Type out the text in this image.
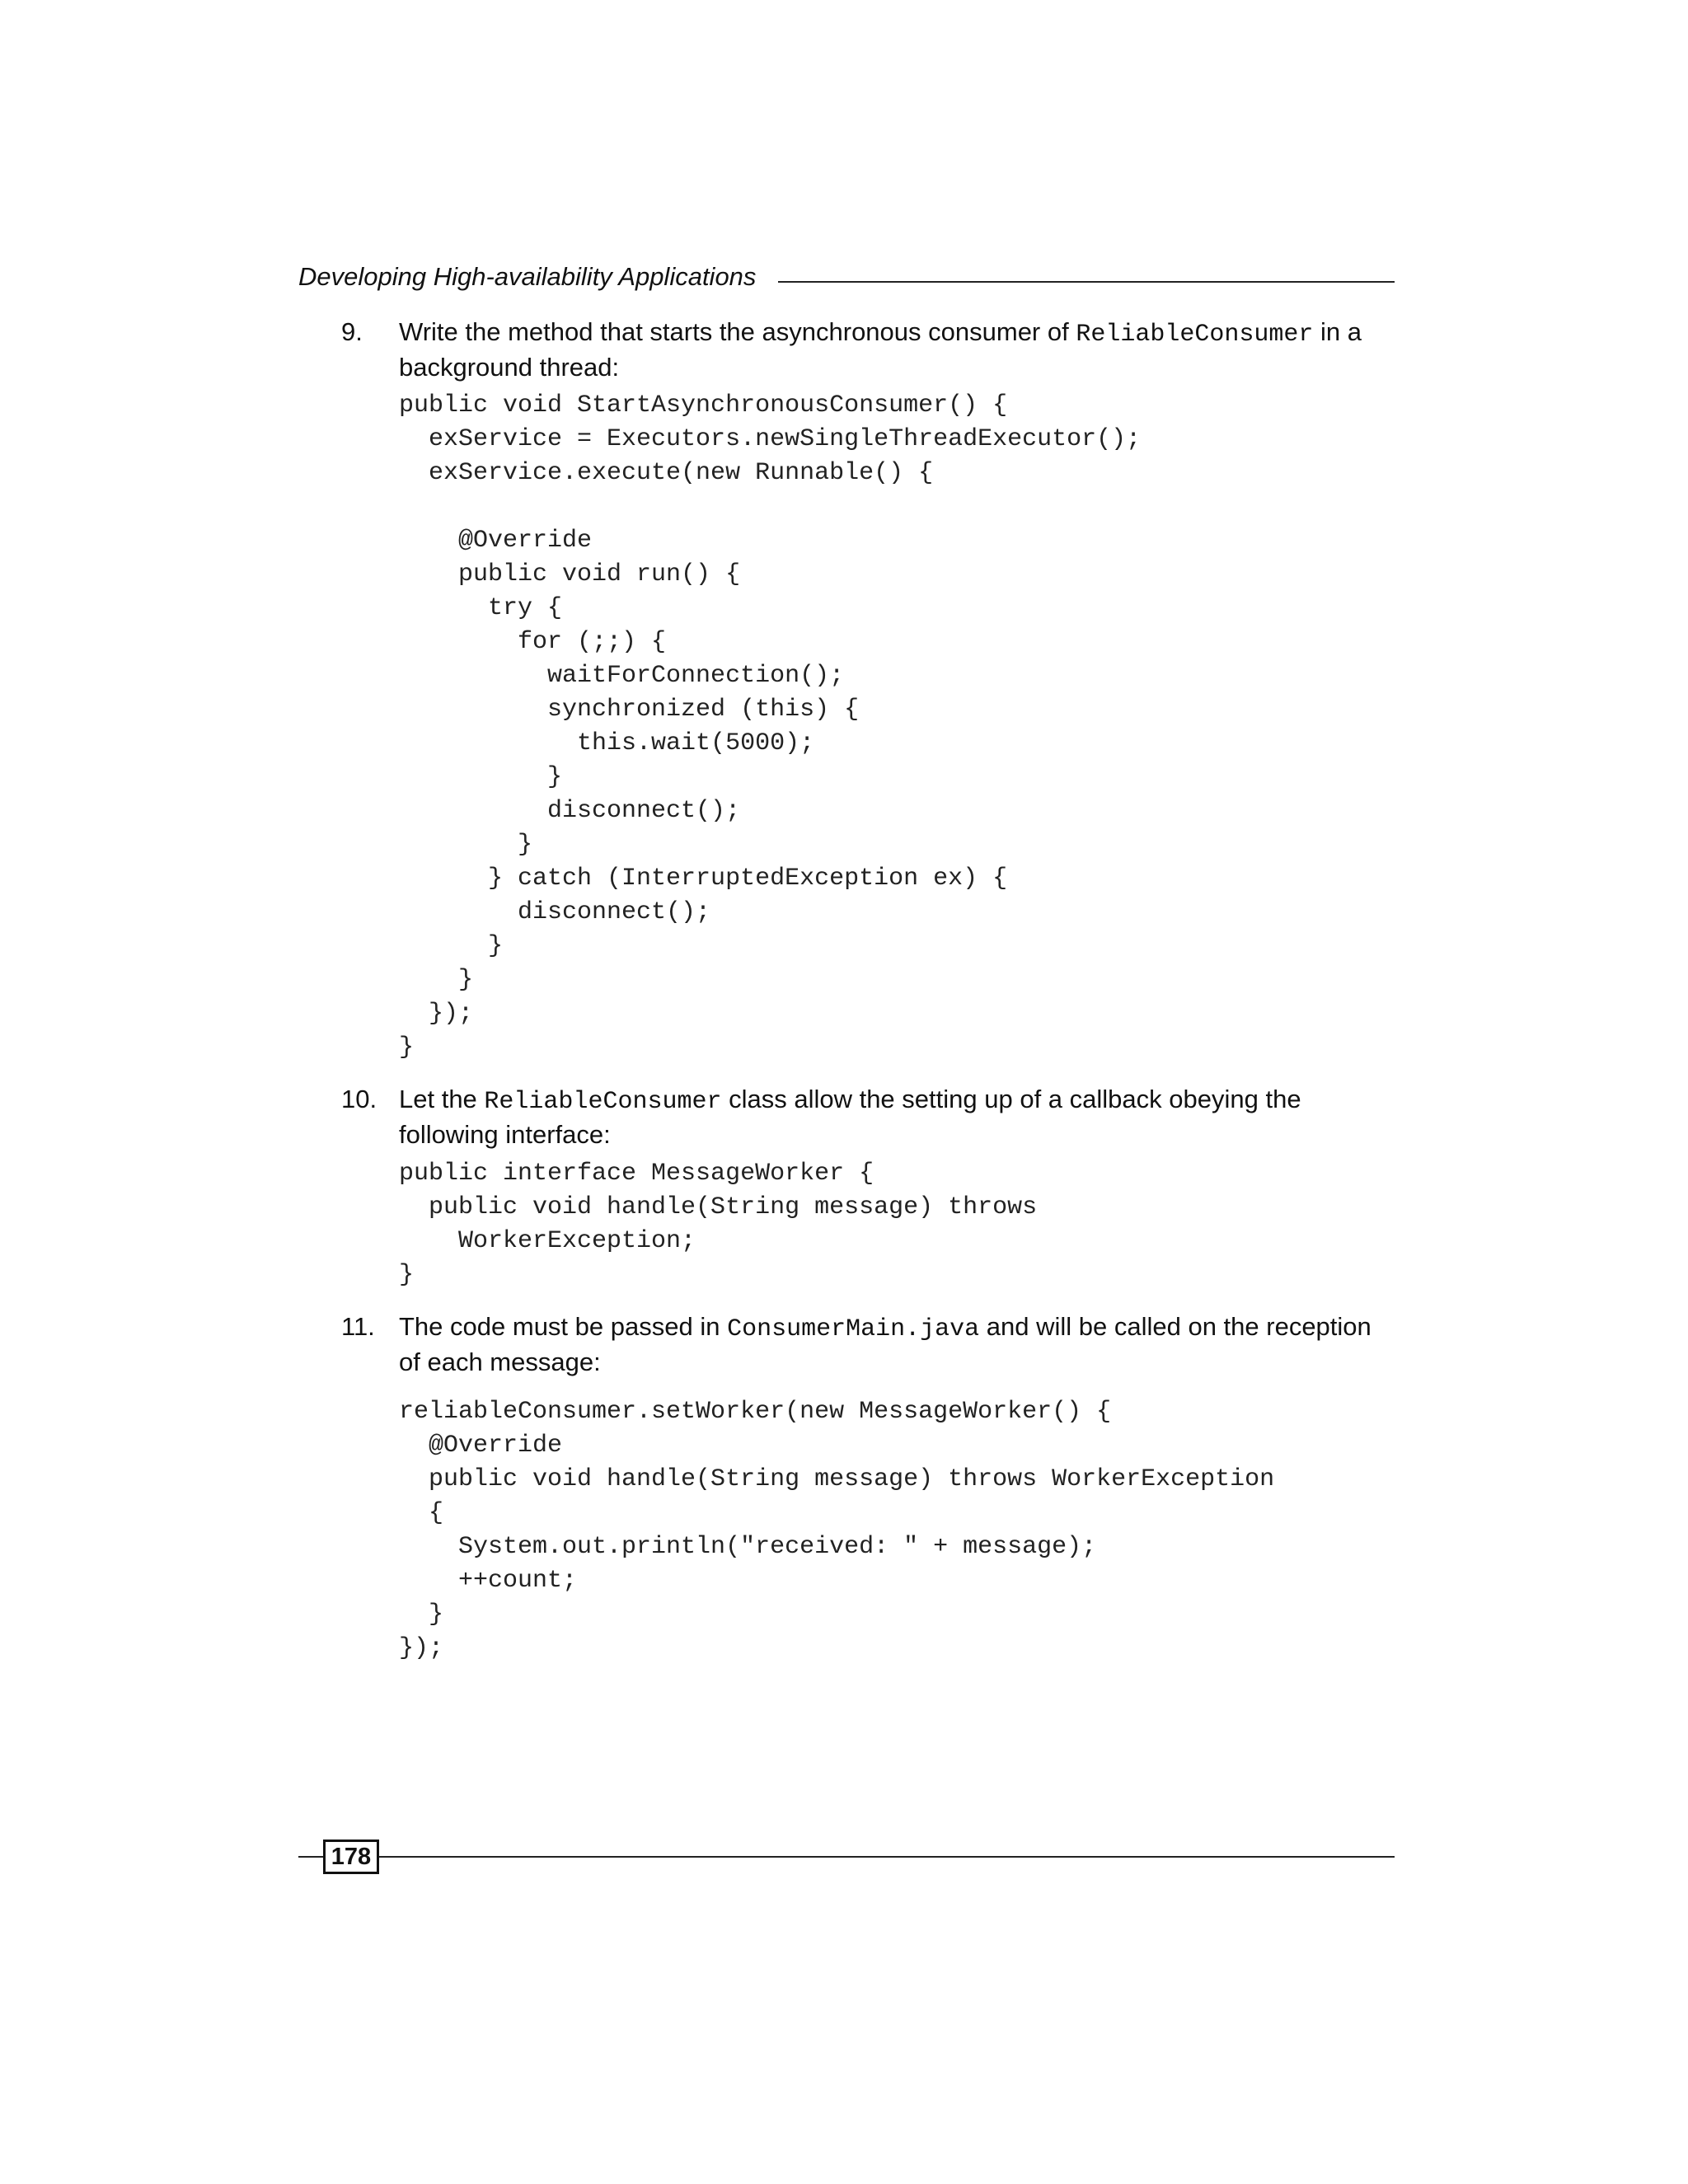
Developing High-availability Applications
9. Write the method that starts the asynchronous consumer of ReliableConsumer in a background thread:
public void StartAsynchronousConsumer() {
exService = Executors.newSingleThreadExecutor();
exService.execute(new Runnable() {

@Override
public void run() {
try {
for (;;) {
waitForConnection();
synchronized (this) {
this.wait(5000);
}
disconnect();
}
} catch (InterruptedException ex) {
disconnect();
}
}
});
}
10. Let the ReliableConsumer class allow the setting up of a callback obeying the following interface:
public interface MessageWorker {
public void handle(String message) throws
WorkerException;
}
11. The code must be passed in ConsumerMain.java and will be called on the reception of each message:
reliableConsumer.setWorker(new MessageWorker() {
@Override
public void handle(String message) throws WorkerException
{
System.out.println("received: " + message);
++count;
}
});
178
